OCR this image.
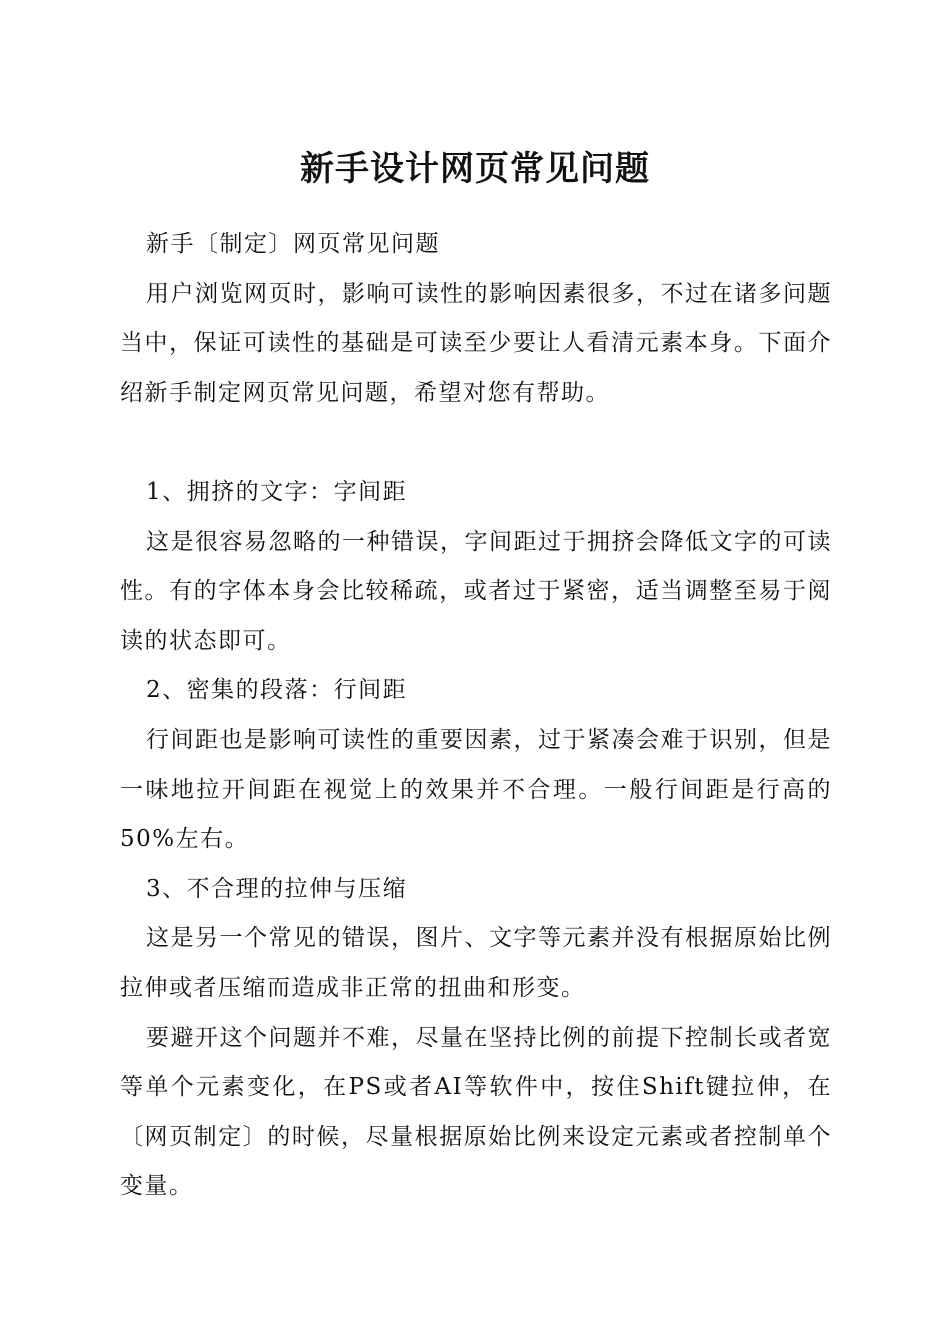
新手设计网页常见问题

新手〔制定〕网页常见问题

用户浏览网页时，影响可读性的影响因素很多，不过在诸多问题当中，保证可读性的基础是可读至少要让人看清元素本身。下面介绍新手制定网页常见问题，希望对您有帮助。

1、拥挤的文字：字间距

这是很容易忽略的一种错误，字间距过于拥挤会降低文字的可读性。有的字体本身会比较稀疏，或者过于紧密，适当调整至易于阅读的状态即可。

2、密集的段落：行间距

行间距也是影响可读性的重要因素，过于紧凑会难于识别，但是一味地拉开间距在视觉上的效果并不合理。一般行间距是行高的50%左右。

3、不合理的拉伸与压缩

这是另一个常见的错误，图片、文字等元素并没有根据原始比例拉伸或者压缩而造成非正常的扭曲和形变。

要避开这个问题并不难，尽量在坚持比例的前提下控制长或者宽等单个元素变化，在PS或者AI等软件中，按住Shift键拉伸，在〔网页制定〕的时候，尽量根据原始比例来设定元素或者控制单个变量。
